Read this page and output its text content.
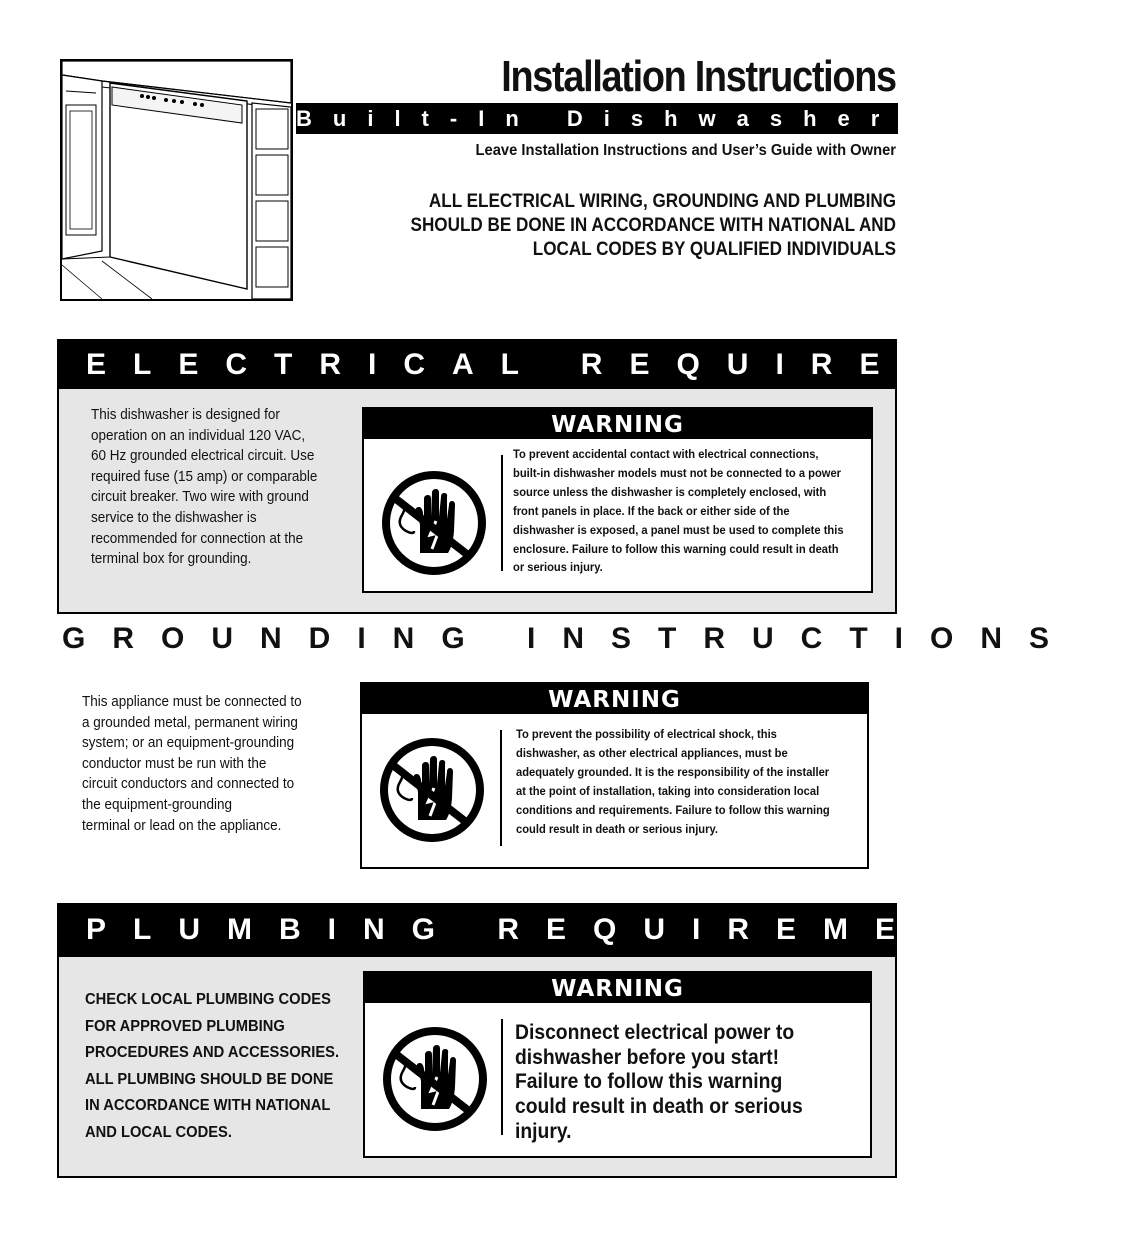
Installation Instructions
Built-In Dishwasher
Leave Installation Instructions and User’s Guide with Owner
ALL ELECTRICAL WIRING, GROUNDING AND PLUMBING SHOULD BE DONE IN ACCORDANCE WITH NATIONAL AND LOCAL CODES BY QUALIFIED INDIVIDUALS
ELECTRICAL REQUIREMENTS
This dishwasher is designed for
operation on an individual 120 VAC,
60 Hz grounded electrical circuit. Use
required fuse (15 amp) or comparable
circuit breaker. Two wire with ground
service to the dishwasher is
recommended for connection at the
terminal box for grounding.
WARNING
To prevent accidental contact with electrical connections, built-in dishwasher models must not be connected to a power source unless the dishwasher is completely enclosed, with front panels in place. If the back or either side of the dishwasher is exposed, a panel must be used to complete this enclosure. Failure to follow this warning could result in death or serious injury.
GROUNDING INSTRUCTIONS
This appliance must be connected to
a grounded metal, permanent wiring
system; or an equipment-grounding
conductor must be run with the
circuit conductors and connected to
the equipment-grounding
terminal or lead on the appliance.
WARNING
To prevent the possibility of electrical shock, this dishwasher, as other electrical appliances, must be adequately grounded. It is the responsibility of the installer at the point of installation, taking into consideration local conditions and requirements. Failure to follow this warning could result in death or serious injury.
PLUMBING REQUIREMENTS
CHECK LOCAL PLUMBING CODES
FOR APPROVED PLUMBING
PROCEDURES AND ACCESSORIES.
ALL PLUMBING SHOULD BE DONE
IN ACCORDANCE WITH NATIONAL
AND LOCAL CODES.
WARNING
Disconnect electrical power to dishwasher before you start! Failure to follow this warning could result in death or serious injury.
